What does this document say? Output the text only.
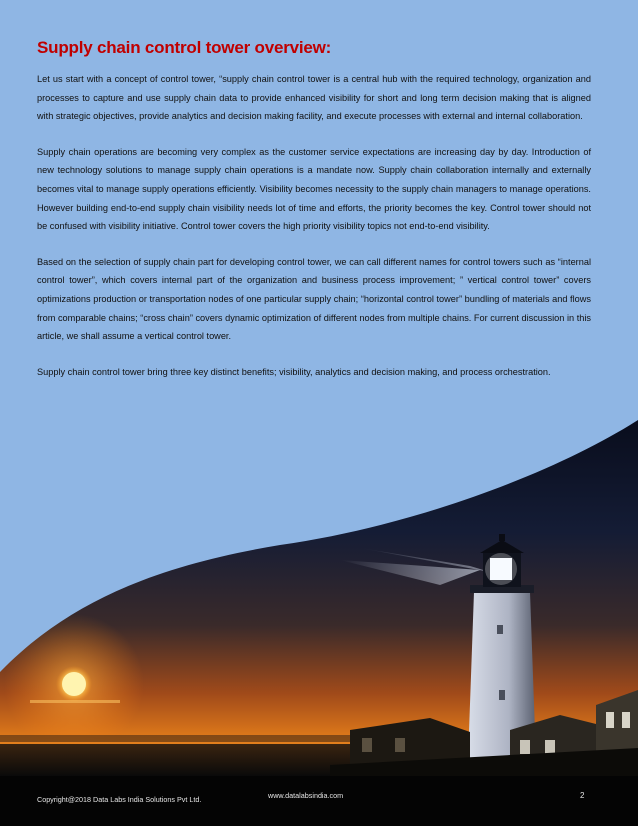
Supply chain control tower overview:

Let us start with a concept of control tower, “supply chain control tower is a central hub with the required technology, organization and processes to capture and use supply chain data to provide enhanced visibility for short and long term decision making that is aligned with strategic objectives, provide analytics and decision making facility, and execute processes with external and internal collaboration.

Supply chain operations are becoming very complex as the customer service expectations are increasing day by day. Introduction of new technology solutions to manage supply chain operations is a mandate now. Supply chain collaboration internally and externally becomes vital to manage supply operations efficiently. Visibility becomes necessity to the supply chain managers to manage operations. However building end-to-end supply chain visibility needs lot of time and efforts, the priority becomes the key. Control tower should not be confused with visibility initiative. Control tower covers the high priority visibility topics not end-to-end visibility.

Based on the selection of supply chain part for developing control tower, we can call different names for control towers such as “internal control tower”, which covers internal part of the organization and business process improvement; ” vertical control tower” covers optimizations production or transportation nodes of one particular supply chain; “horizontal control tower” bundling of materials and flows from comparable chains; “cross chain” covers dynamic optimization of different nodes from multiple chains. For current discussion in this article, we shall assume a vertical control tower.

Supply chain control tower bring three key distinct benefits; visibility, analytics and decision making, and process orchestration.

Copyright@2018 Data Labs India Solutions Pvt Ltd.	www.datalabsindia.com	2
